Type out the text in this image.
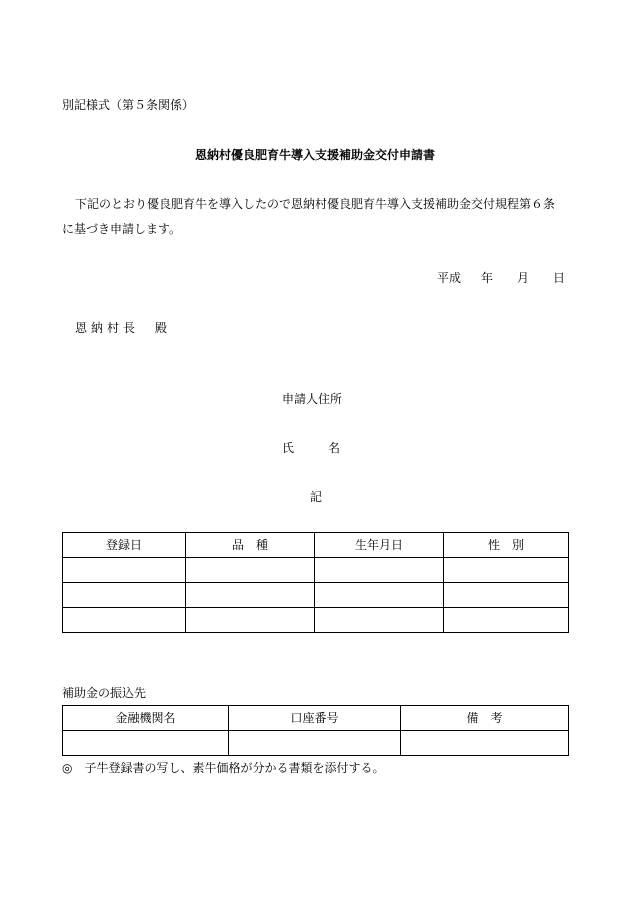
別記様式（第５条関係）
恩納村優良肥育牛導入支援補助金交付申請書
下記のとおり優良肥育牛を導入したので恩納村優良肥育牛導入支援補助金交付規程第６条
に基づき申請します。
平成 年 月 日
恩納村長　殿
申請人住所
氏	名
記
登録日	品　種	生年月日	性　別

補助金の振込先
金融機関名	口座番号	備　考

◎　子牛登録書の写し、素牛価格が分かる書類を添付する。
